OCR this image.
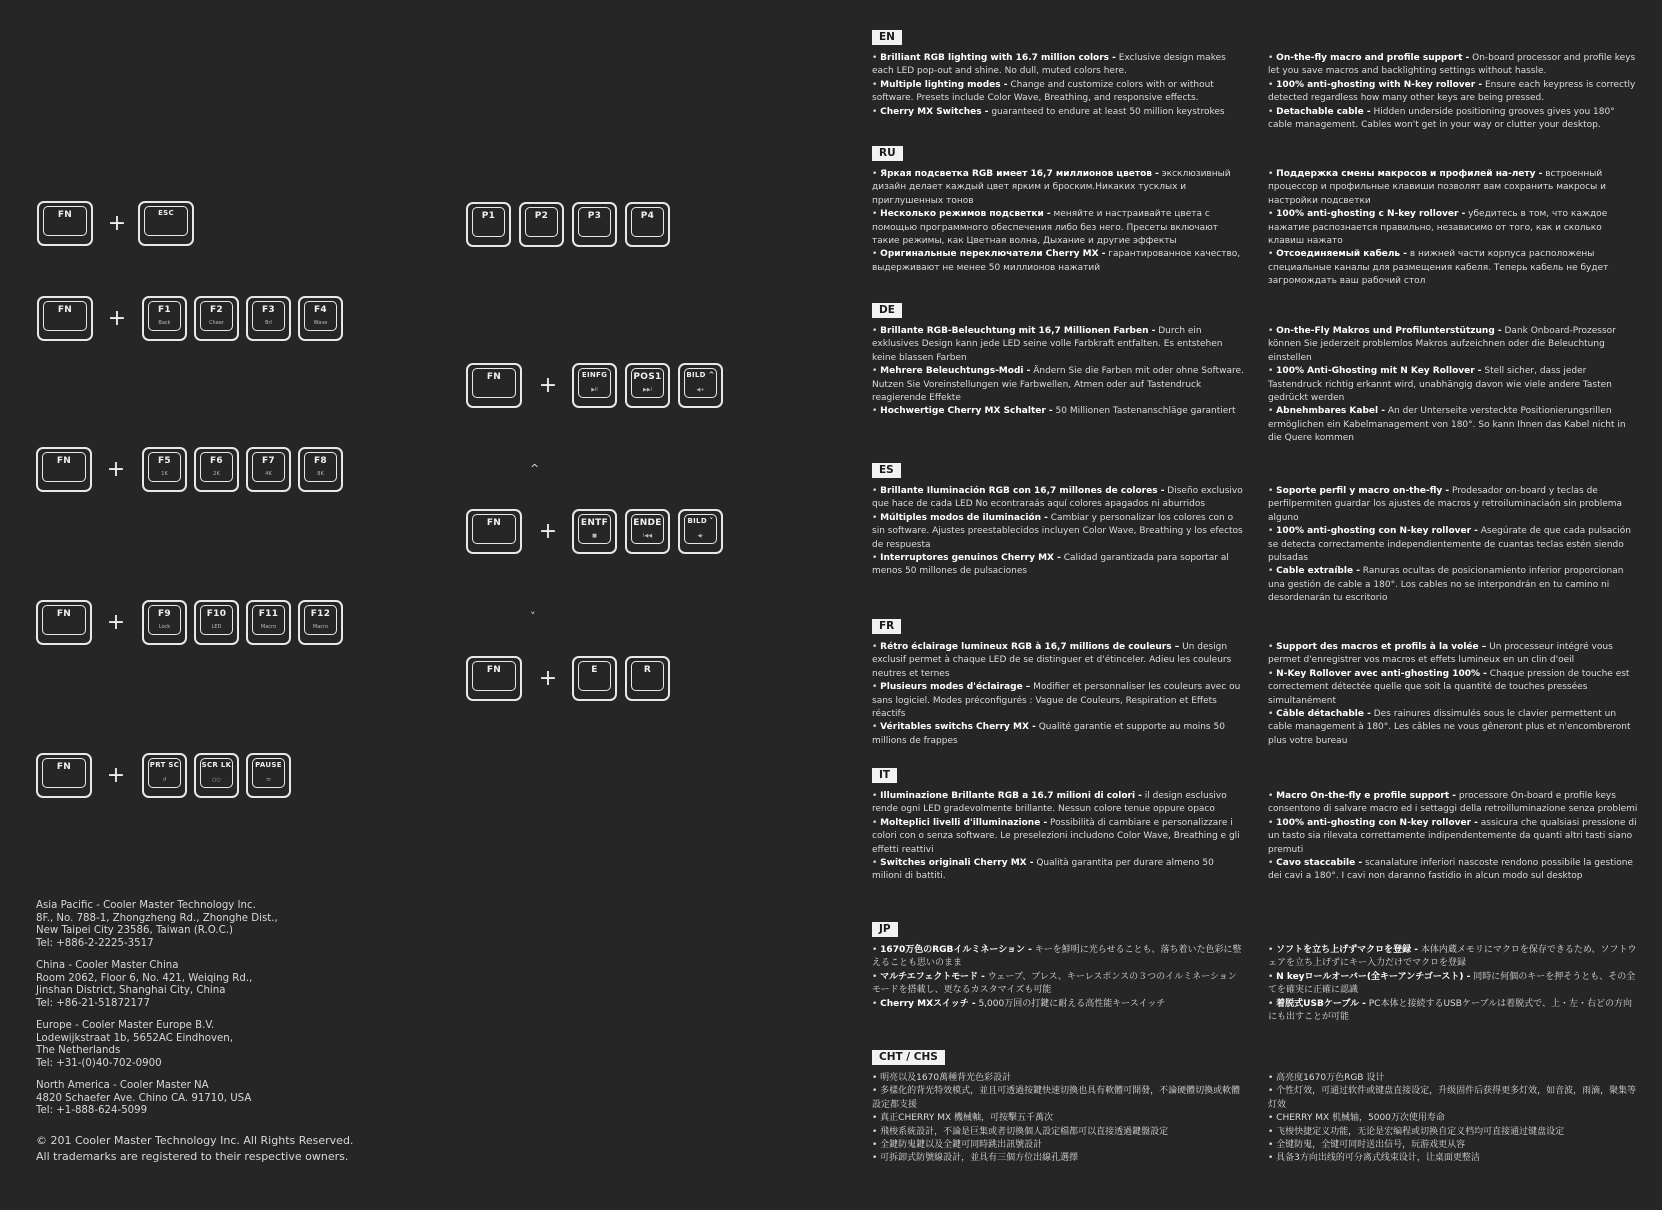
FN	+	ESC
FN	+	F1
Back
F2
Cheer
F3
Brl
F4
Wave
FN	+	F5
1K
F6
2K
F7
4K
F8
8K
FN	+	F9
Lock
F10
LED
F11
Macro
F12
Macro
FN	+	PRT SC
↺
SCR LK
○○
PAUSE
⬭
P1	P2	P3	P4
FN	+	EINFG
▶ll
POS1
▶▶l
BILD ^
◀+
FN	+	ENTF
■
ENDE
l◀◀
BILD ˅
◀-
FN	+	E	R
^
˅

Asia Pacific - Cooler Master Technology Inc.

8F., No. 788-1, Zhongzheng Rd., Zhonghe Dist.,

New Taipei City 23586, Taiwan (R.O.C.)

Tel: +886-2-2225-3517

China - Cooler Master China

Room 2062, Floor 6, No. 421, Weiqing Rd.,

Jinshan District, Shanghai City, China

Tel: +86-21-51872177

Europe - Cooler Master Europe B.V.

Lodewijkstraat 1b, 5652AC Eindhoven,

The Netherlands

Tel: +31-(0)40-702-0900

North America - Cooler Master NA

4820 Schaefer Ave. Chino CA. 91710, USA

Tel: +1-888-624-5099

© 201 Cooler Master Technology Inc. All Rights Reserved.

All trademarks are registered to their respective owners.

EN

• Brilliant RGB lighting with 16.7 million colors - Exclusive design makes each LED pop-out and shine. No dull, muted colors here.

• Multiple lighting modes - Change and customize colors with or without software. Presets include Color Wave, Breathing, and responsive effects.

• Cherry MX Switches - guaranteed to endure at least 50 million keystrokes

• On-the-fly macro and profile support - On-board processor and profile keys let you save macros and backlighting settings without hassle.

• 100% anti-ghosting with N-key rollover - Ensure each keypress is correctly detected regardless how many other keys are being pressed.

• Detachable cable - Hidden underside positioning grooves gives you 180° cable management. Cables won't get in your way or clutter your desktop.

RU

• Яркая подсветка RGB имеет 16,7 миллионов цветов - эксклюзивный дизайн делает каждый цвет ярким и броским.Никаких тусклых и приглушенных тонов

• Несколько режимов подсветки - меняйте и настраивайте цвета с помощью программного обеспечения либо без него. Пресеты включают такие режимы, как Цветная волна, Дыхание и другие эффекты

• Оригинальные переключатели Cherry MX - гарантированное качество, выдерживают не менее 50 миллионов нажатий

• Поддержка смены макросов и профилей на-лету - встроенный процессор и профильные клавиши позволят вам сохранить макросы и настройки подсветки

• 100% anti-ghosting с N-key rollover - убедитесь в том, что каждое нажатие распознается правильно, независимо от того, как и сколько клавиш нажато

• Отсоединяемый кабель - в нижней части корпуса расположены специальные каналы для размещения кабеля. Теперь кабель не будет загромождать ваш рабочий стол

DE

• Brillante RGB-Beleuchtung mit 16,7 Millionen Farben - Durch ein exklusives Design kann jede LED seine volle Farbkraft entfalten. Es entstehen keine blassen Farben

• Mehrere Beleuchtungs-Modi - Ändern Sie die Farben mit oder ohne Software. Nutzen Sie Voreinstellungen wie Farbwellen, Atmen oder auf Tastendruck reagierende Effekte

• Hochwertige Cherry MX Schalter - 50 Millionen Tastenanschläge garantiert

• On-the-Fly Makros und Profilunterstützung - Dank Onboard-Prozessor können Sie jederzeit problemlos Makros aufzeichnen oder die Beleuchtung einstellen

• 100% Anti-Ghosting mit N Key Rollover - Stell sicher, dass jeder Tastendruck richtig erkannt wird, unabhängig davon wie viele andere Tasten gedrückt werden

• Abnehmbares Kabel - An der Unterseite versteckte Positionierungsrillen ermöglichen ein Kabelmanagement von 180°. So kann Ihnen das Kabel nicht in die Quere kommen

ES

• Brillante Iluminación RGB con 16,7 millones de colores - Diseño exclusivo que hace de cada LED No econtraraás aquí colores apagados ni aburridos

• Múltiples modos de iluminación - Cambiar y personalizar los colores con o sin software. Ajustes preestablecidos incluyen Color Wave, Breathing y los efectos de respuesta

• Interruptores genuinos Cherry MX - Calidad garantizada para soportar al menos 50 millones de pulsaciones

• Soporte perfil y macro on-the-fly - Prodesador on-board y teclas de perfilpermiten guardar los ajustes de macros y retroiluminaciaón sin problema alguno

• 100% anti-ghosting con N-key rollover - Asegúrate de que cada pulsación se detecta correctamente independientemente de cuantas teclas estén siendo pulsadas

• Cable extraíble - Ranuras ocultas de posicionamiento inferior proporcionan una gestión de cable a 180°. Los cables no se interpondrán en tu camino ni desordenarán tu escritorio

FR

• Rétro éclairage lumineux RGB à 16,7 millions de couleurs – Un design exclusif permet à chaque LED de se distinguer et d'étinceler. Adieu les couleurs neutres et ternes

• Plusieurs modes d'éclairage – Modifier et personnaliser les couleurs avec ou sans logiciel. Modes préconfigurés : Vague de Couleurs, Respiration et Effets réactifs

• Véritables switchs Cherry MX - Qualité garantie et supporte au moins 50 millions de frappes

• Support des macros et profils à la volée – Un processeur intégré vous permet d'enregistrer vos macros et effets lumineux en un clin d'oeil

• N-Key Rollover avec anti-ghosting 100% - Chaque pression de touche est correctement détectée quelle que soit la quantité de touches pressées simultanément

• Câble détachable - Des rainures dissimulés sous le clavier permettent un cable management à 180°. Les câbles ne vous gêneront plus et n'encombreront plus votre bureau

IT

• Illuminazione Brillante RGB a 16.7 milioni di colori - il design esclusivo rende ogni LED gradevolmente brillante. Nessun colore tenue oppure opaco

• Molteplici livelli d'illuminazione - Possibilità di cambiare e personalizzare i colori con o senza software. Le preselezioni includono Color Wave, Breathing e gli effetti reattivi

• Switches originali Cherry MX - Qualità garantita per durare almeno 50 milioni di battiti.

• Macro On-the-fly e profile support - processore On-board e profile keys consentono di salvare macro ed i settaggi della retroilluminazione senza problemi

• 100% anti-ghosting con N-key rollover - assicura che qualsiasi pressione di un tasto sia rilevata correttamente indipendentemente da quanti altri tasti siano premuti

• Cavo staccabile - scanalature inferiori nascoste rendono possibile la gestione dei cavi a 180°. I cavi non daranno fastidio in alcun modo sul desktop

JP

• 1670万色のRGBイルミネーション - キーを鮮明に光らせることも、落ち着いた色彩に整えることも思いのまま

• マルチエフェクトモード - ウェーブ、ブレス、キーレスポンスの３つのイルミネーションモードを搭載し、更なるカスタマイズも可能

• Cherry MXスイッチ - 5,000万回の打鍵に耐える高性能キースイッチ

• ソフトを立ち上げずマクロを登録 - 本体内蔵メモリにマクロを保存できるため、ソフトウェアを立ち上げずにキー入力だけでマクロを登録

• N keyロールオーバー(全キーアンチゴースト) - 同時に何個のキーを押そうとも、その全てを確実に正確に認識

• 着脱式USBケーブル - PC本体と接続するUSBケーブルは着脱式で、上・左・右どの方向にも出すことが可能

CHT / CHS

• 明亮以及1670萬種背光色彩設計

• 多樣化的背光特效模式，並且可透過按鍵快速切換也具有軟體可開發，不論硬體切換或軟體設定都支援

• 真正CHERRY MX 機械軸，可按擊五千萬次

• 飛梭系統設計，不論是巨集或者切換個人設定檔都可以直接透過鍵盤設定

• 全鍵防鬼鍵以及全鍵可同時跳出訊號設計

• 可拆卸式防號線設計，並具有三個方位出線孔選擇

• 高亮度1670万色RGB 设计

• 个性灯效，可通过软件或键盘直接设定，升级固件后获得更多灯效，如音波，雨滴，聚集等灯效

• CHERRY MX 机械轴，5000万次使用寿命

• 飞梭快捷定义功能，无论是宏编程或切换自定义档均可直接通过键盘设定

• 全键防鬼，全键可同时送出信号，玩游戏更从容

• 具备3方向出线的可分离式线束设计，让桌面更整洁
